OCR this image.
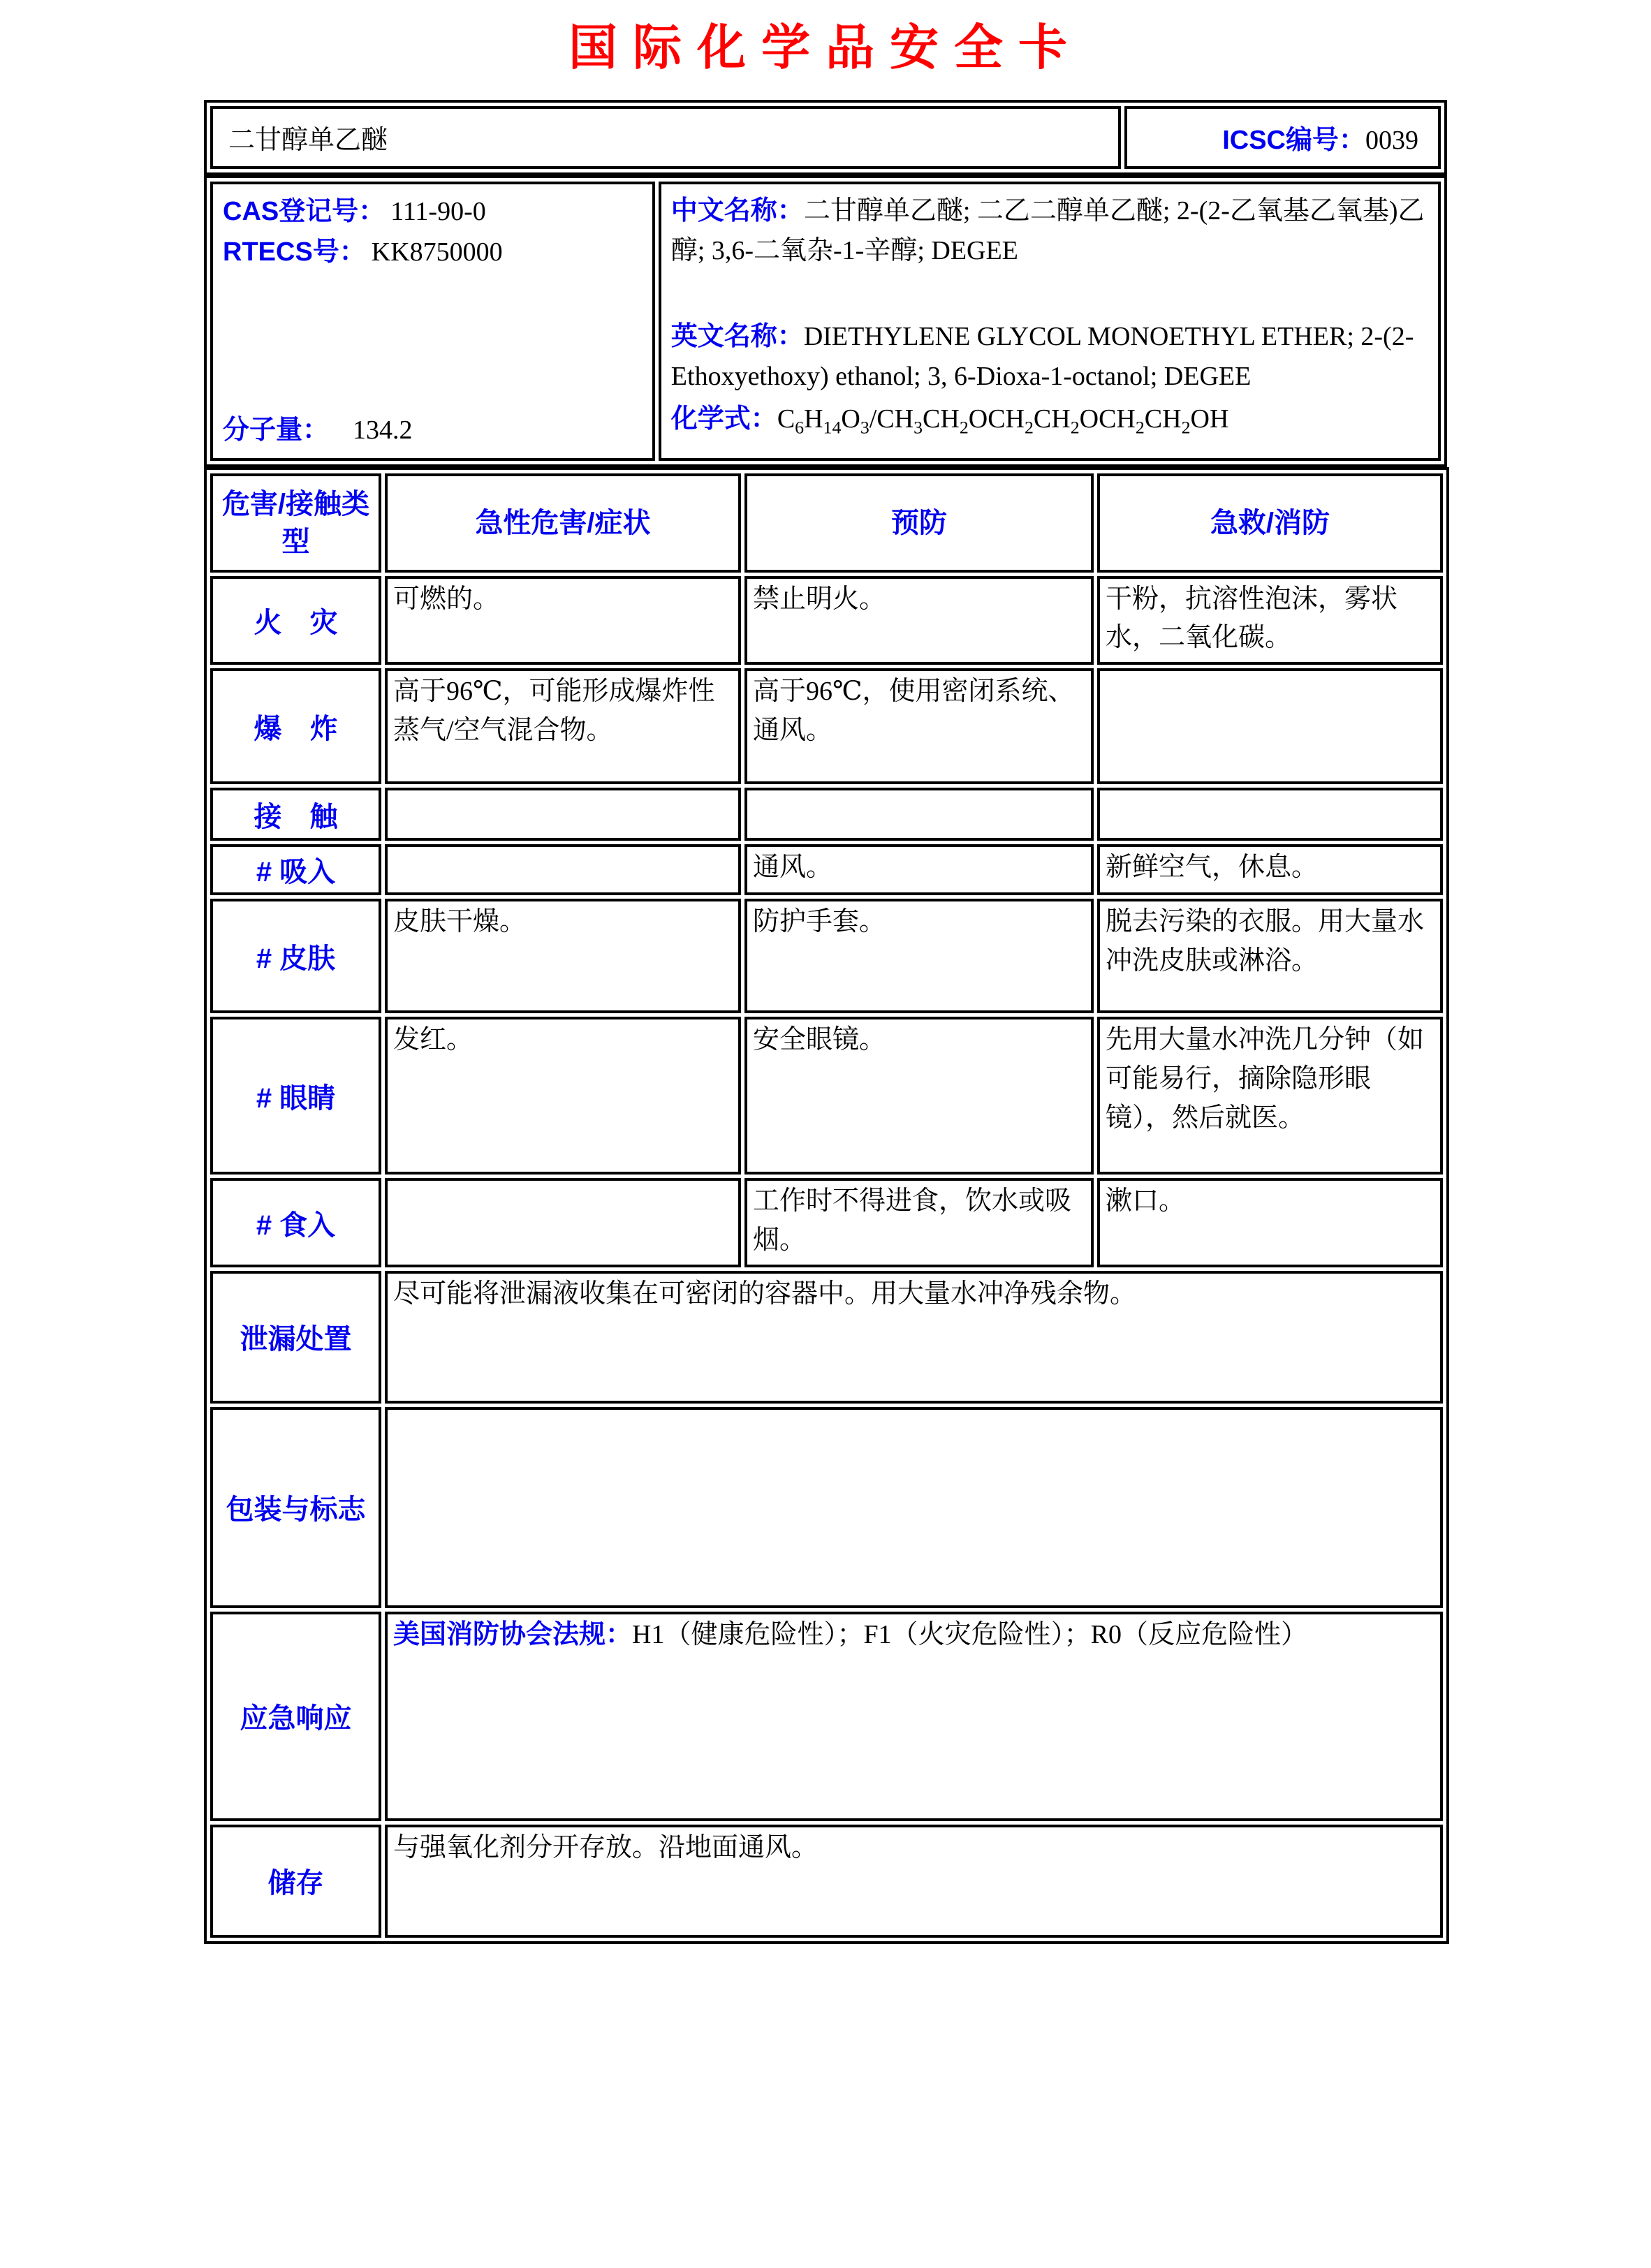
国际化学品安全卡
二甘醇单乙醚	ICSC编号：0039
CAS登记号： 111-90-0
RTECS号： KK8750000
分子量： 134.2

中文名称：二甘醇单乙醚; 二乙二醇单乙醚; 2-(2-乙氧基乙氧基)乙醇; 3,6-二氧杂-1-辛醇; DEGEE

英文名称：DIETHYLENE GLYCOL MONOETHYL ETHER; 2-(2-Ethoxyethoxy) ethanol; 3, 6-Dioxa-1-octanol; DEGEE

化学式：$C_6H_{14}O_3/CH_3CH_2OCH_2CH_2OCH_2CH_2OH$

危害/接触类型	急性危害/症状	预防	急救/消防
火　灾	可燃的。	禁止明火。	干粉，抗溶性泡沫，雾状水，二氧化碳。
爆　炸	高于96℃，可能形成爆炸性蒸气/空气混合物。	高于96℃，使用密闭系统、通风。	
接　触			
# 吸入		通风。	新鲜空气，休息。
# 皮肤	皮肤干燥。	防护手套。	脱去污染的衣服。用大量水冲洗皮肤或淋浴。
# 眼睛	发红。	安全眼镜。	先用大量水冲洗几分钟（如可能易行，摘除隐形眼镜），然后就医。
# 食入		工作时不得进食，饮水或吸烟。	漱口。
泄漏处置	尽可能将泄漏液收集在可密闭的容器中。用大量水冲净残余物。		
包装与标志			
应急响应	美国消防协会法规：H1（健康危险性）；F1（火灾危险性）；R0（反应危险性）		
储存	与强氧化剂分开存放。沿地面通风。		
